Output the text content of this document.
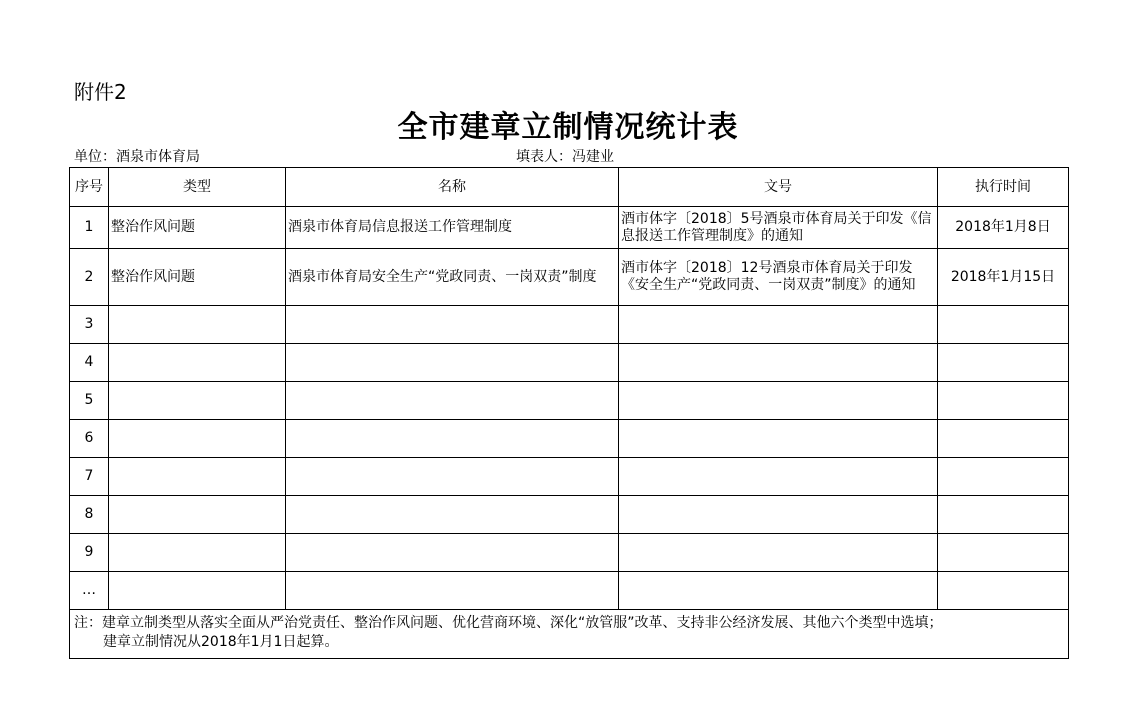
附件2
全市建章立制情况统计表
单位：酒泉市体育局	填表人：冯建业
序号	类型	名称	文号	执行时间
1	整治作风问题	酒泉市体育局信息报送工作管理制度	酒市体字〔2018〕5号酒泉市体育局关于印发《信息报送工作管理制度》的通知	2018年1月8日
2	整治作风问题	酒泉市体育局安全生产“党政同责、一岗双责”制度	酒市体字〔2018〕12号酒泉市体育局关于印发《安全生产“党政同责、一岗双责”制度》的通知	2018年1月15日
3				
4				
5				
6				
7				
8				
9				
…				

注：建章立制类型从落实全面从严治党责任、整治作风问题、优化营商环境、深化“放管服”改革、支持非公经济发展、其他六个类型中选填；
建章立制情况从2018年1月1日起算。				
